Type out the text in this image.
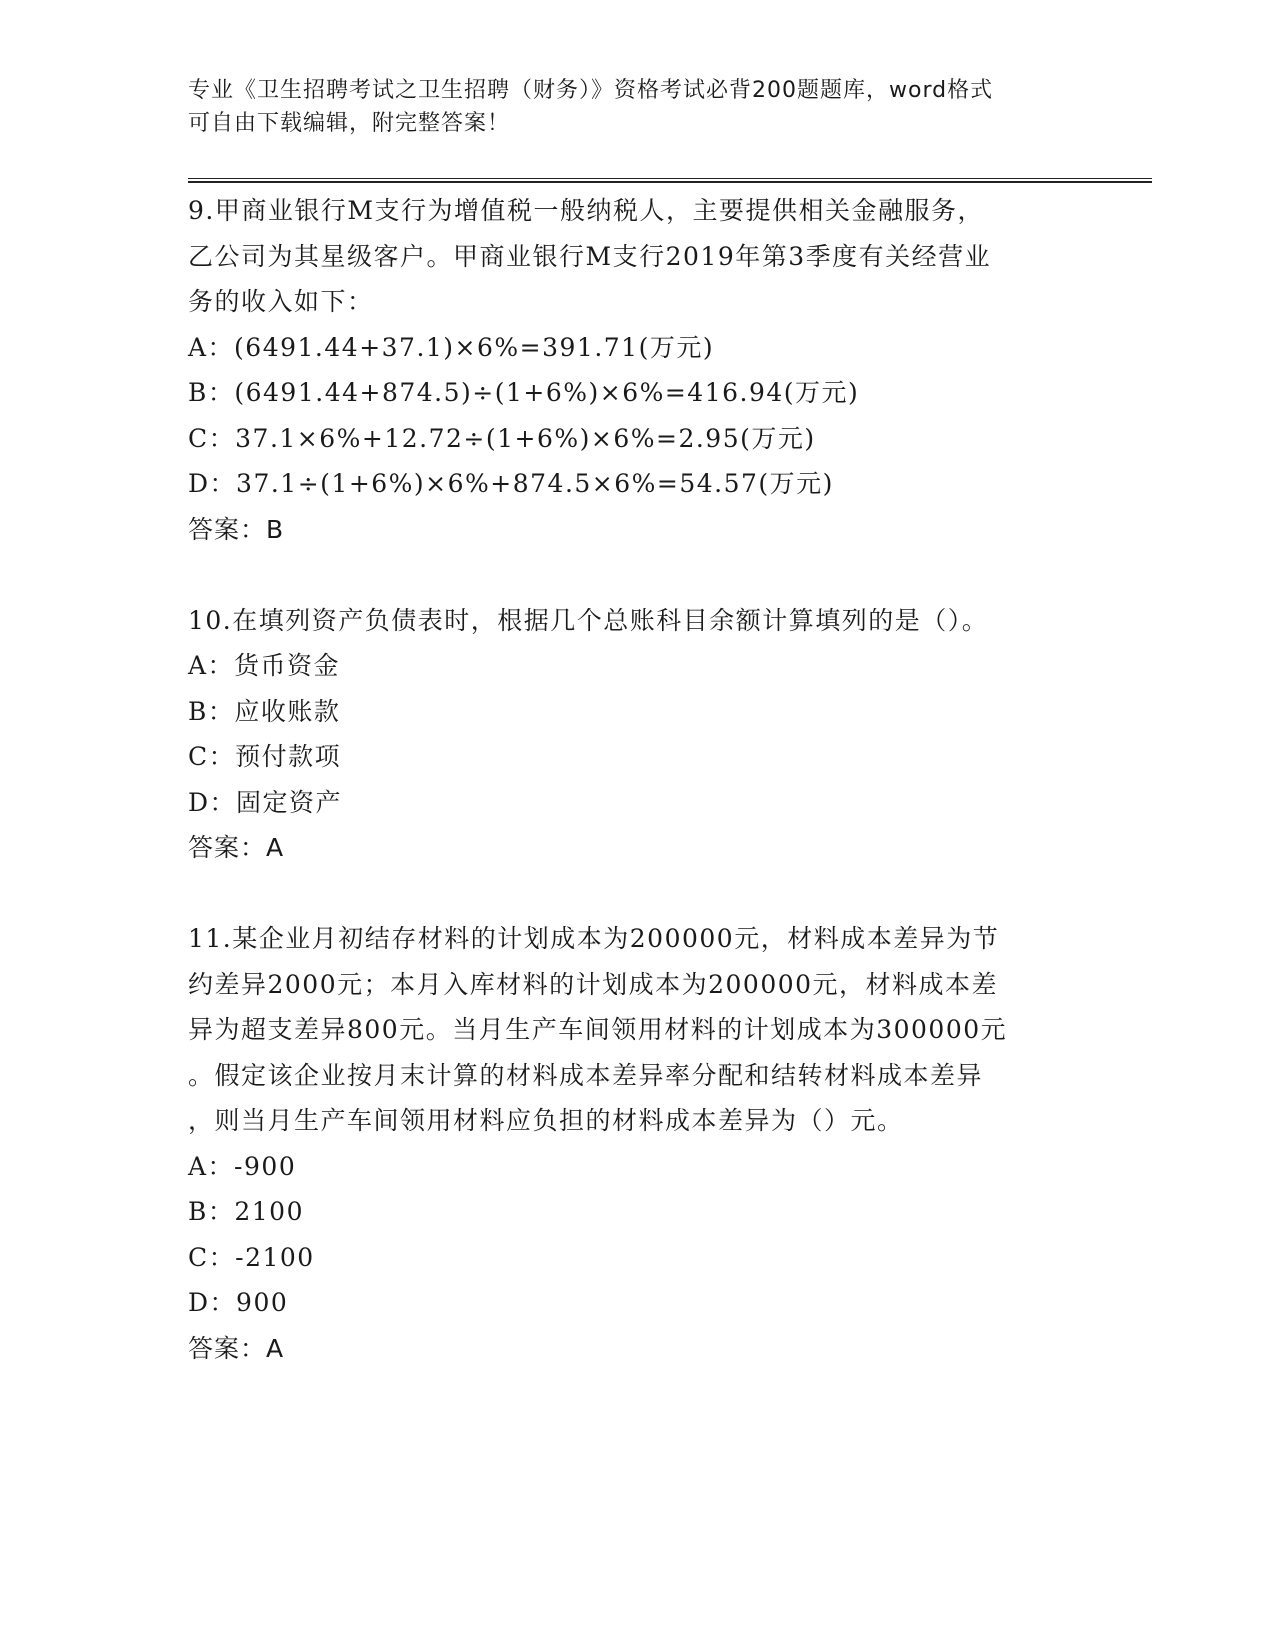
专业《卫生招聘考试之卫生招聘（财务）》资格考试必背200题题库，word格式
可自由下载编辑，附完整答案！

9.甲商业银行M支行为增值税一般纳税人，主要提供相关金融服务，

乙公司为其星级客户。甲商业银行M支行2019年第3季度有关经营业

务的收入如下：

A：(6491.44+37.1)×6%=391.71(万元)

B：(6491.44+874.5)÷(1+6%)×6%=416.94(万元)

C：37.1×6%+12.72÷(1+6%)×6%=2.95(万元)

D：37.1÷(1+6%)×6%+874.5×6%=54.57(万元)

答案：B

10.在填列资产负债表时，根据几个总账科目余额计算填列的是（）。

A：货币资金

B：应收账款

C：预付款项

D：固定资产

答案：A

11.某企业月初结存材料的计划成本为200000元，材料成本差异为节

约差异2000元；本月入库材料的计划成本为200000元，材料成本差

异为超支差异800元。当月生产车间领用材料的计划成本为300000元

。假定该企业按月末计算的材料成本差异率分配和结转材料成本差异

，则当月生产车间领用材料应负担的材料成本差异为（）元。

A：-900

B：2100

C：-2100

D：900

答案：A
